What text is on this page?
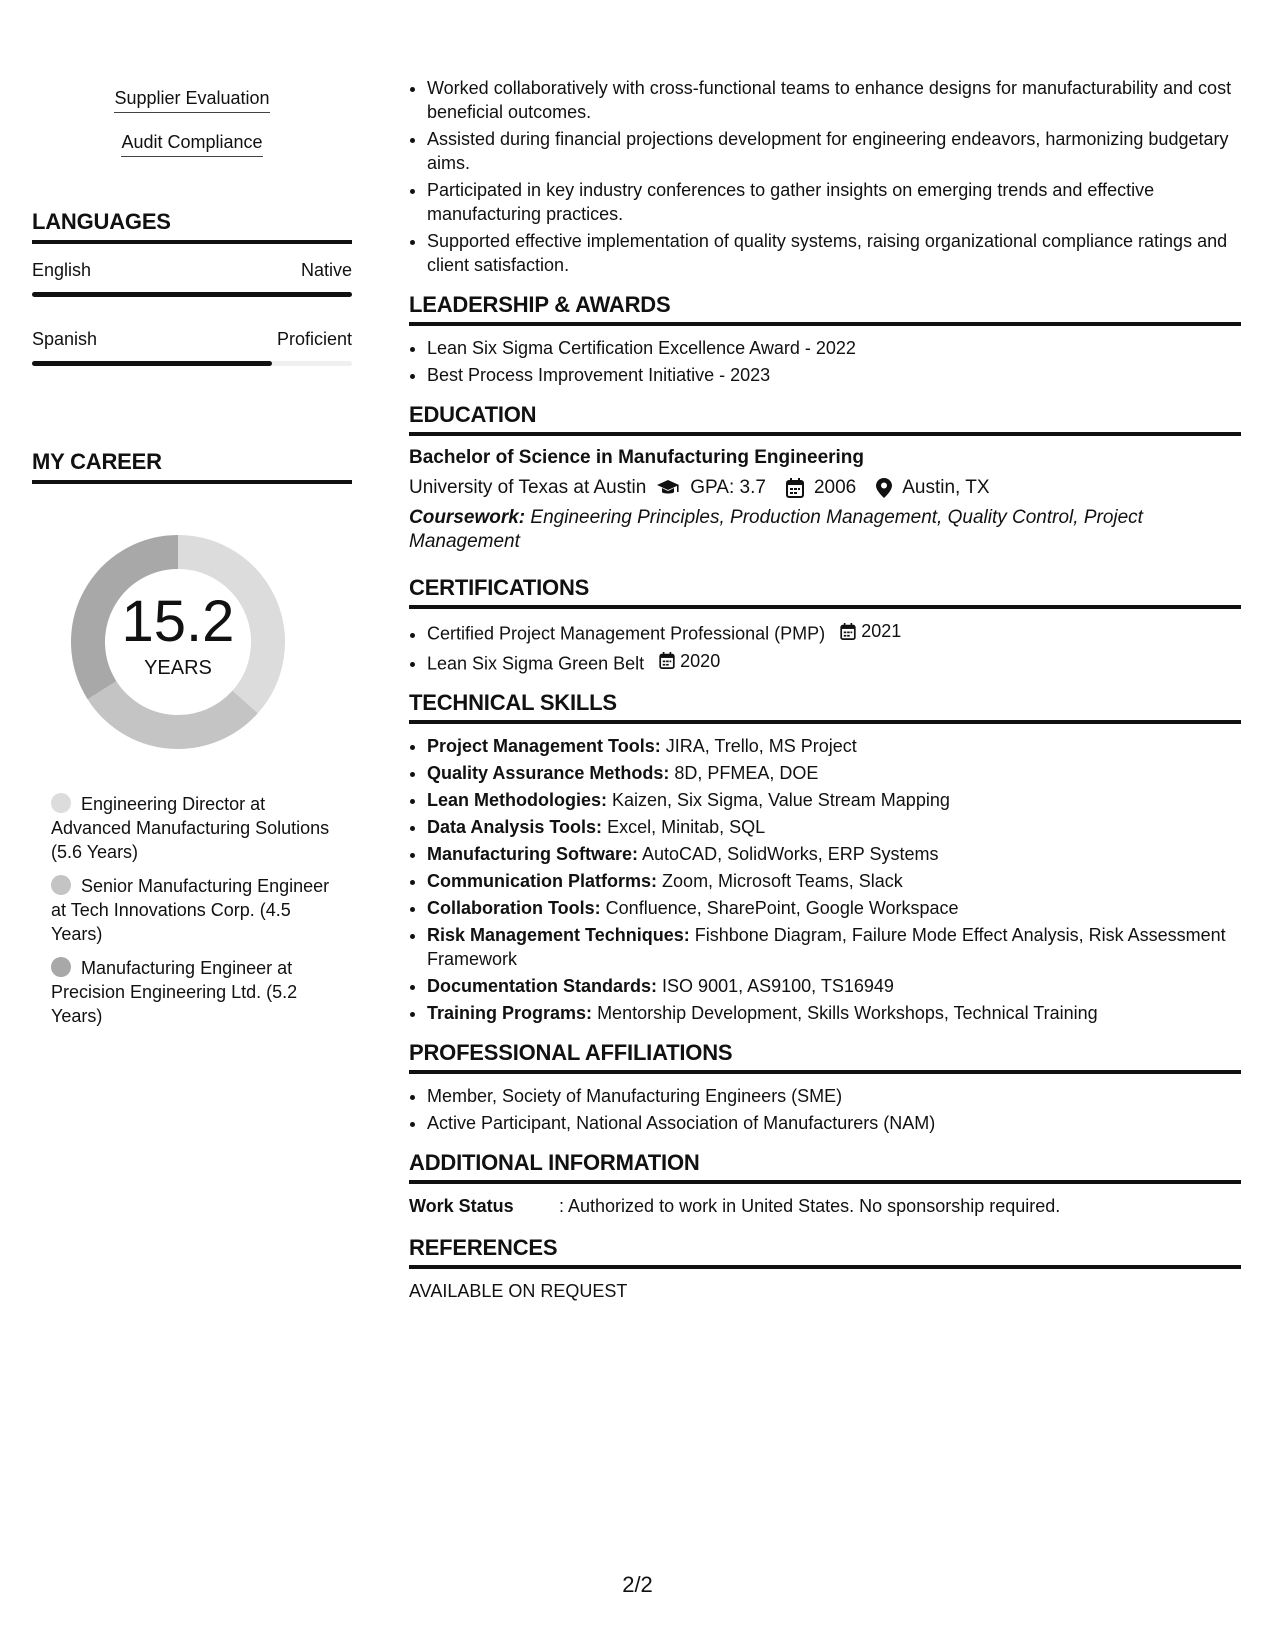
Supplier Evaluation
Audit Compliance
LANGUAGES
English	Native
Spanish	Proficient
MY CAREER
15.2
YEARS
Engineering Director at Advanced Manufacturing Solutions (5.6 Years)
Senior Manufacturing Engineer at Tech Innovations Corp. (4.5 Years)
Manufacturing Engineer at Precision Engineering Ltd. (5.2 Years)
• Worked collaboratively with cross-functional teams to enhance designs for manufacturability and cost beneficial outcomes.
• Assisted during financial projections development for engineering endeavors, harmonizing budgetary aims.
• Participated in key industry conferences to gather insights on emerging trends and effective manufacturing practices.
• Supported effective implementation of quality systems, raising organizational compliance ratings and client satisfaction.
LEADERSHIP & AWARDS
• Lean Six Sigma Certification Excellence Award - 2022
• Best Process Improvement Initiative - 2023
EDUCATION
Bachelor of Science in Manufacturing Engineering
University of Texas at Austin GPA: 3.7	2006 Austin, TX
Coursework: Engineering Principles, Production Management, Quality Control, Project Management
CERTIFICATIONS
• Certified Project Management Professional (PMP)
2021
• Lean Six Sigma Green Belt
2020
TECHNICAL SKILLS
• Project Management Tools: JIRA, Trello, MS Project
• Quality Assurance Methods: 8D, PFMEA, DOE
• Lean Methodologies: Kaizen, Six Sigma, Value Stream Mapping
• Data Analysis Tools: Excel, Minitab, SQL
• Manufacturing Software: AutoCAD, SolidWorks, ERP Systems
• Communication Platforms: Zoom, Microsoft Teams, Slack
• Collaboration Tools: Confluence, SharePoint, Google Workspace
• Risk Management Techniques: Fishbone Diagram, Failure Mode Effect Analysis, Risk Assessment Framework
• Documentation Standards: ISO 9001, AS9100, TS16949
• Training Programs: Mentorship Development, Skills Workshops, Technical Training
PROFESSIONAL AFFILIATIONS
• Member, Society of Manufacturing Engineers (SME)
• Active Participant, National Association of Manufacturers (NAM)
ADDITIONAL INFORMATION
Work Status	: Authorized to work in United States. No sponsorship required.
REFERENCES
AVAILABLE ON REQUEST
2/2
